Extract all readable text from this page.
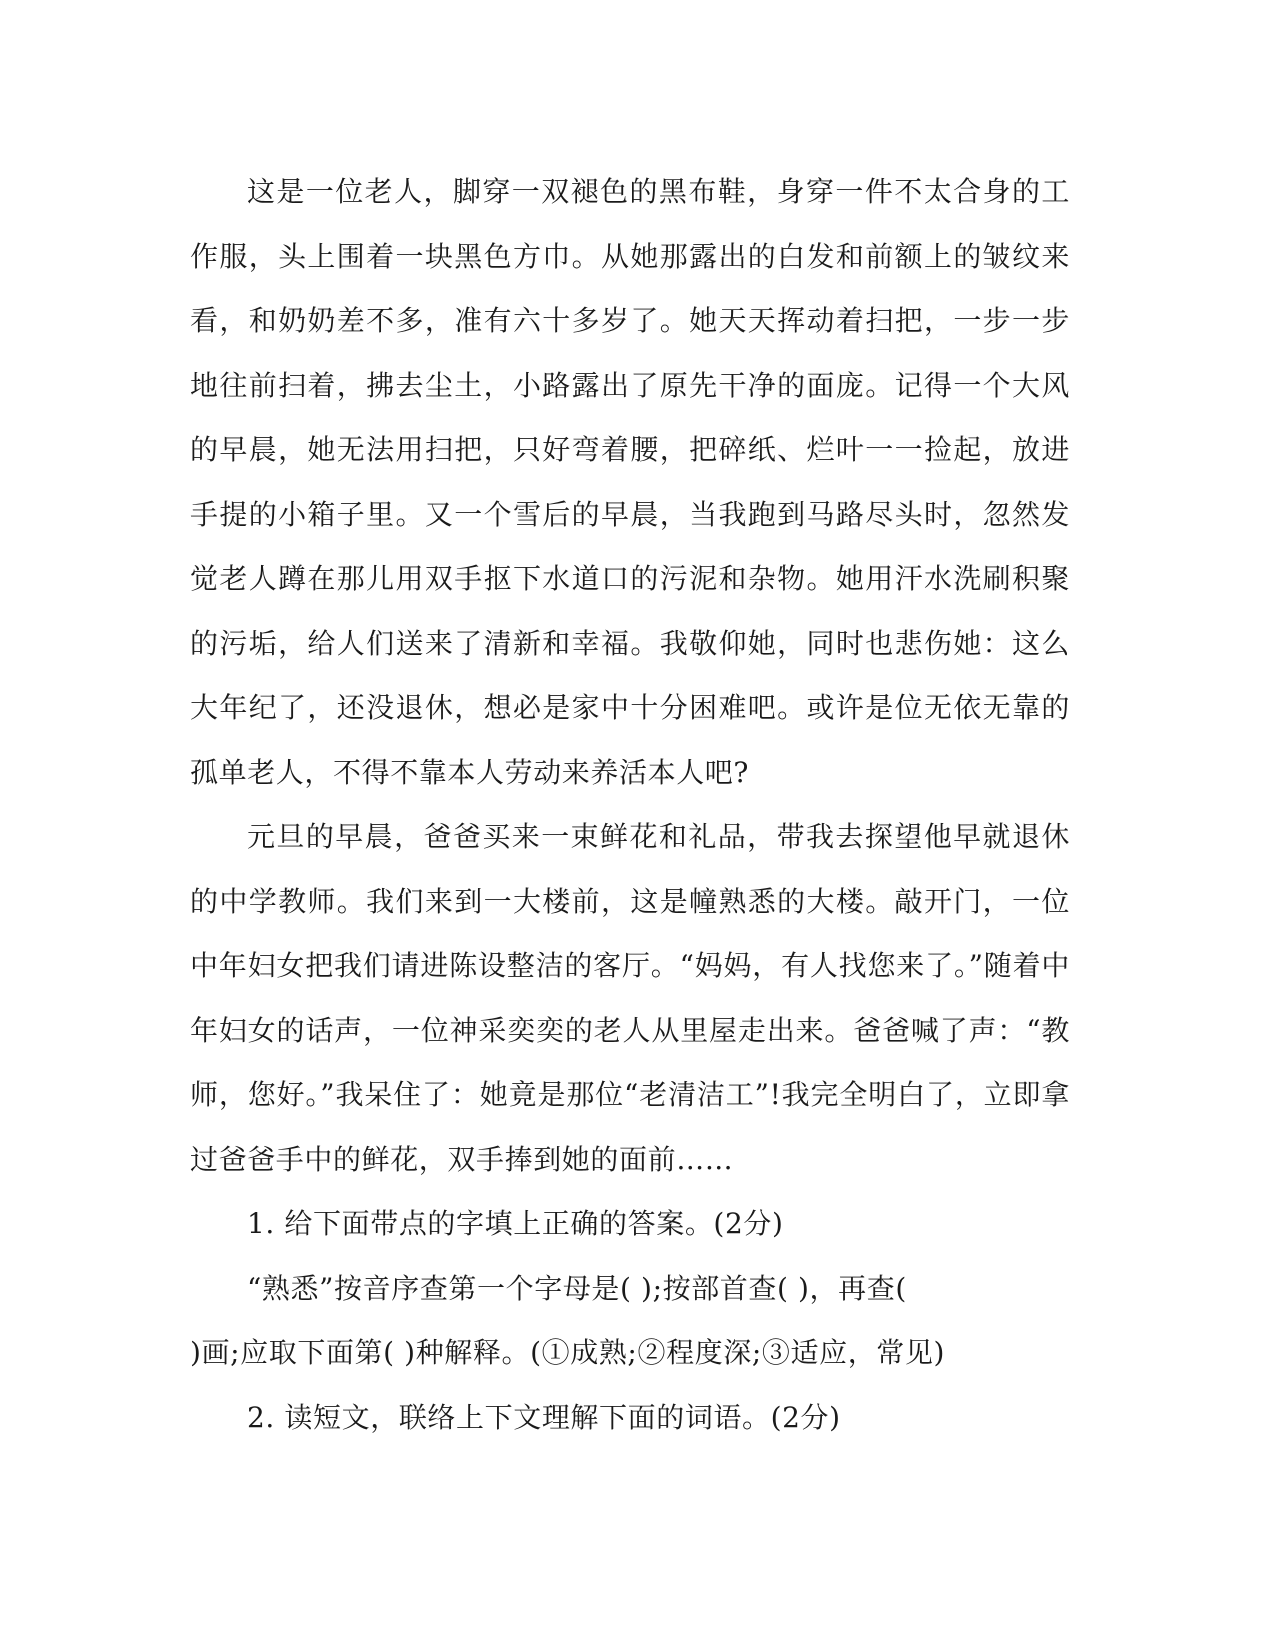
这是一位老人，脚穿一双褪色的黑布鞋，身穿一件不太合身的工作服，头上围着一块黑色方巾。从她那露出的白发和前额上的皱纹来看，和奶奶差不多，准有六十多岁了。她天天挥动着扫把，一步一步地往前扫着，拂去尘土，小路露出了原先干净的面庞。记得一个大风的早晨，她无法用扫把，只好弯着腰，把碎纸、烂叶一一捡起，放进手提的小箱子里。又一个雪后的早晨，当我跑到马路尽头时，忽然发觉老人蹲在那儿用双手抠下水道口的污泥和杂物。她用汗水洗刷积聚的污垢，给人们送来了清新和幸福。我敬仰她，同时也悲伤她：这么大年纪了，还没退休，想必是家中十分困难吧。或许是位无依无靠的孤单老人，不得不靠本人劳动来养活本人吧?

元旦的早晨，爸爸买来一束鲜花和礼品，带我去探望他早就退休的中学教师。我们来到一大楼前，这是幢熟悉的大楼。敲开门，一位中年妇女把我们请进陈设整洁的客厅。“妈妈，有人找您来了。”随着中年妇女的话声，一位神采奕奕的老人从里屋走出来。爸爸喊了声：“教师，您好。”我呆住了：她竟是那位“老清洁工”!我完全明白了，立即拿过爸爸手中的鲜花，双手捧到她的面前……

1. 给下面带点的字填上正确的答案。(2分)

“熟悉”按音序查第一个字母是( );按部首查( )，再查(

)画;应取下面第( )种解释。(①成熟;②程度深;③适应，常见)

2. 读短文，联络上下文理解下面的词语。(2分)
